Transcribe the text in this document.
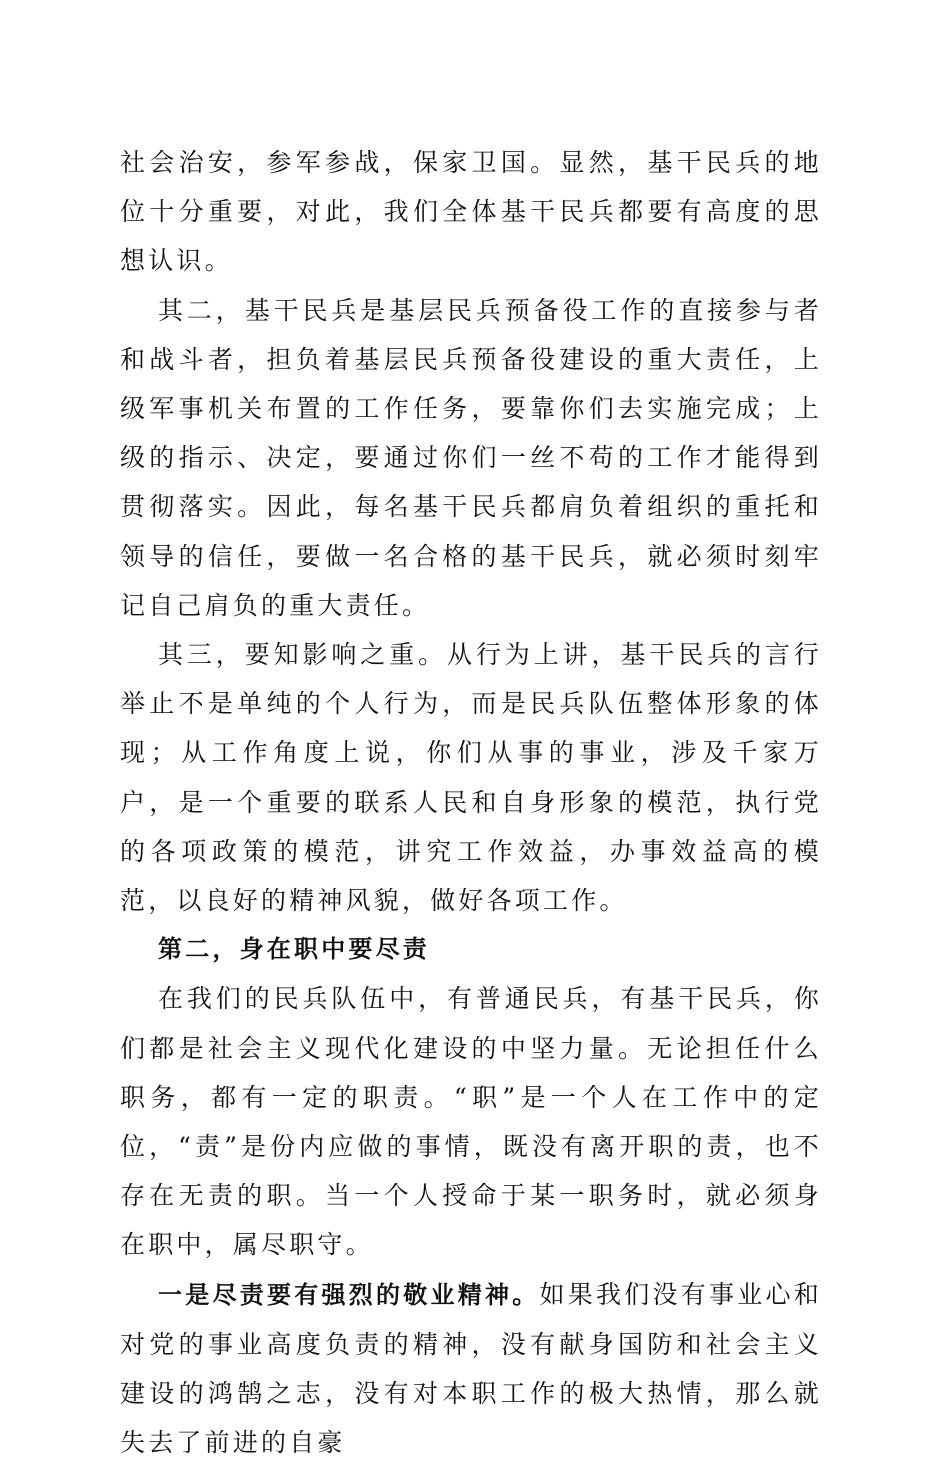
社会治安，参军参战，保家卫国。显然，基干民兵的地位十分重要，对此，我们全体基干民兵都要有高度的思想认识。

其二，基干民兵是基层民兵预备役工作的直接参与者和战斗者，担负着基层民兵预备役建设的重大责任，上级军事机关布置的工作任务，要靠你们去实施完成；上级的指示、决定，要通过你们一丝不苟的工作才能得到贯彻落实。因此，每名基干民兵都肩负着组织的重托和领导的信任，要做一名合格的基干民兵，就必须时刻牢记自己肩负的重大责任。

其三，要知影响之重。从行为上讲，基干民兵的言行举止不是单纯的个人行为，而是民兵队伍整体形象的体现；从工作角度上说，你们从事的事业，涉及千家万户，是一个重要的联系人民和自身形象的模范，执行党的各项政策的模范，讲究工作效益，办事效益高的模范，以良好的精神风貌，做好各项工作。

第二，身在职中要尽责

在我们的民兵队伍中，有普通民兵，有基干民兵，你们都是社会主义现代化建设的中坚力量。无论担任什么职务，都有一定的职责。“职”是一个人在工作中的定位，“责”是份内应做的事情，既没有离开职的责，也不存在无责的职。当一个人授命于某一职务时，就必须身在职中，属尽职守。

一是尽责要有强烈的敬业精神。如果我们没有事业心和对党的事业高度负责的精神，没有献身国防和社会主义建设的鸿鹄之志，没有对本职工作的极大热情，那么就失去了前进的自豪
